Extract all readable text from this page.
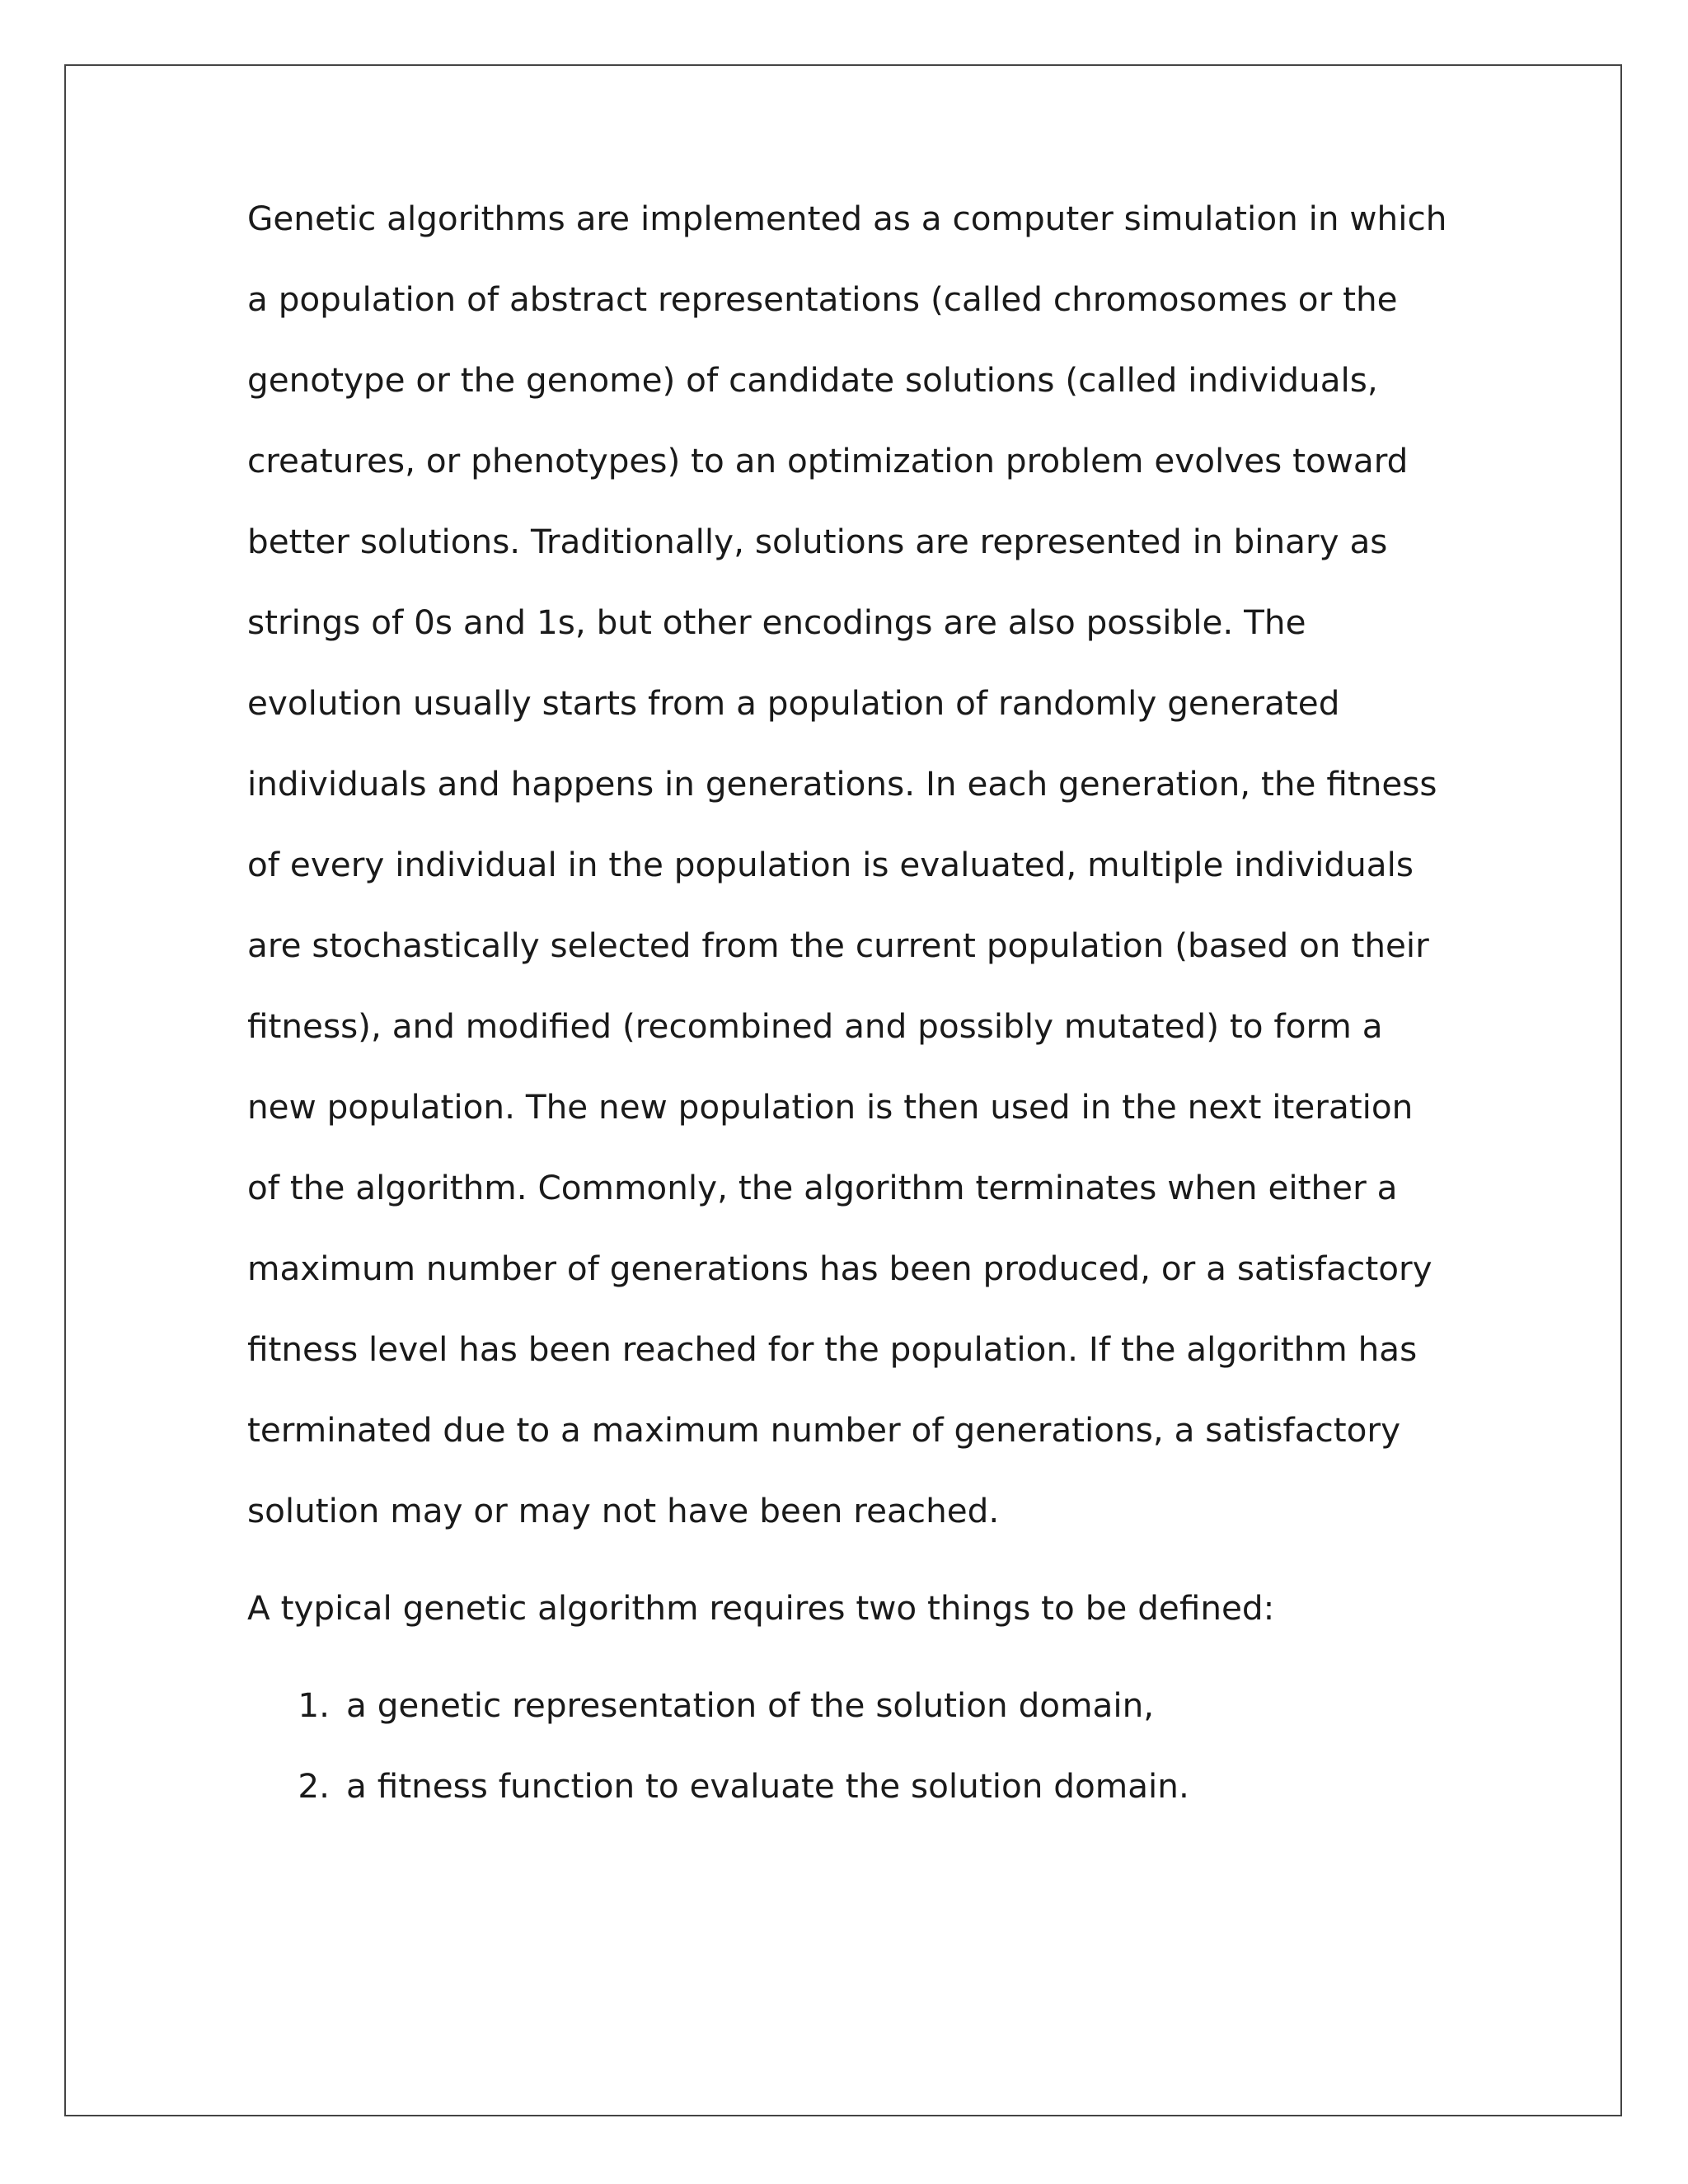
Genetic algorithms are implemented as a computer simulation in which
a population of abstract representations (called chromosomes or the
genotype or the genome) of candidate solutions (called individuals,
creatures, or phenotypes) to an optimization problem evolves toward
better solutions. Traditionally, solutions are represented in binary as
strings of 0s and 1s, but other encodings are also possible. The
evolution usually starts from a population of randomly generated
individuals and happens in generations. In each generation, the fitness
of every individual in the population is evaluated, multiple individuals
are stochastically selected from the current population (based on their
fitness), and modified (recombined and possibly mutated) to form a
new population. The new population is then used in the next iteration
of the algorithm. Commonly, the algorithm terminates when either a
maximum number of generations has been produced, or a satisfactory
fitness level has been reached for the population. If the algorithm has
terminated due to a maximum number of generations, a satisfactory
solution may or may not have been reached.
A typical genetic algorithm requires two things to be defined:
1. a genetic representation of the solution domain,
2. a fitness function to evaluate the solution domain.
